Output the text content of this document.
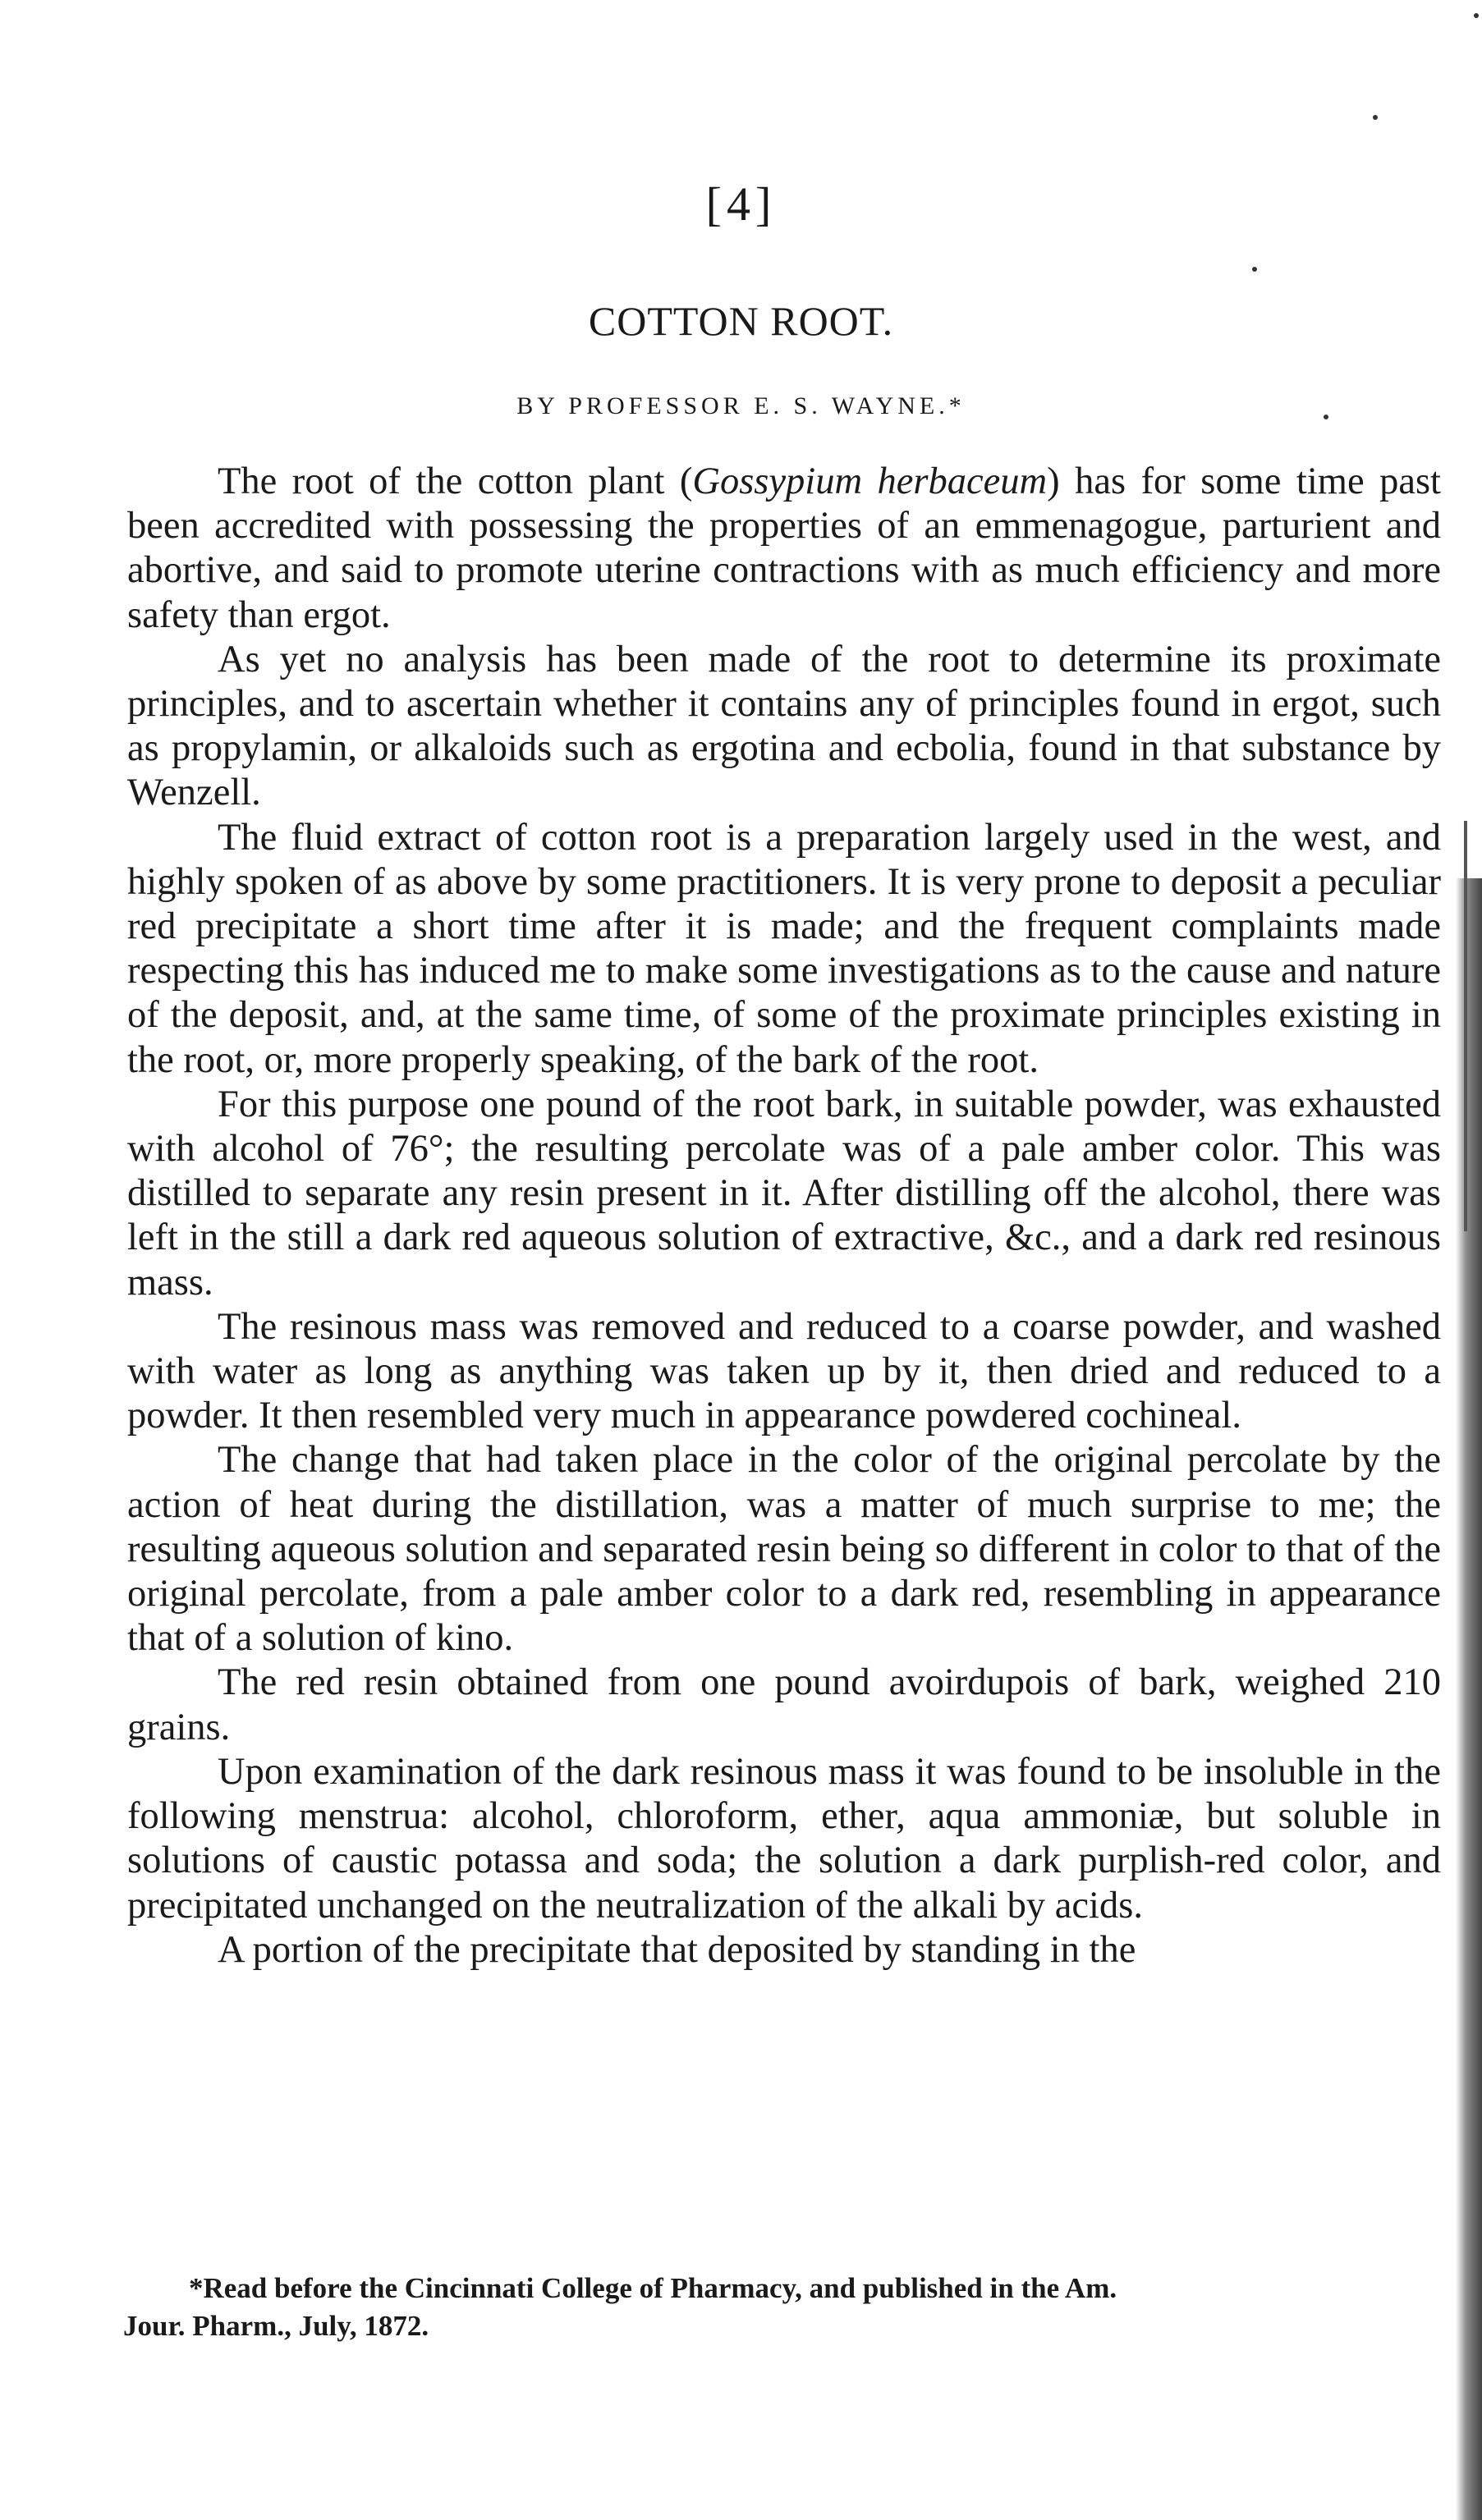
[4]
COTTON ROOT.
BY PROFESSOR E. S. WAYNE.*

The root of the cotton plant (Gossypium herbaceum) has for some time past been accredited with possessing the properties of an emmenagogue, parturient and abortive, and said to promote uterine contractions with as much efficiency and more safety than ergot.

As yet no analysis has been made of the root to determine its proximate principles, and to ascertain whether it contains any of principles found in ergot, such as propylamin, or alkaloids such as ergotina and ecbolia, found in that substance by Wenzell.

The fluid extract of cotton root is a preparation largely used in the west, and highly spoken of as above by some practitioners. It is very prone to deposit a peculiar red precipitate a short time after it is made; and the frequent complaints made respecting this has induced me to make some investigations as to the cause and nature of the deposit, and, at the same time, of some of the proximate principles existing in the root, or, more properly speaking, of the bark of the root.

For this purpose one pound of the root bark, in suitable powder, was exhausted with alcohol of 76°; the resulting percolate was of a pale amber color. This was distilled to separate any resin present in it. After distilling off the alcohol, there was left in the still a dark red aqueous solution of extractive, &c., and a dark red resinous mass.

The resinous mass was removed and reduced to a coarse powder, and washed with water as long as anything was taken up by it, then dried and reduced to a powder. It then resembled very much in appearance powdered cochineal.

The change that had taken place in the color of the original percolate by the action of heat during the distillation, was a matter of much surprise to me; the resulting aqueous solution and separated resin being so different in color to that of the original percolate, from a pale amber color to a dark red, resembling in appearance that of a solution of kino.

The red resin obtained from one pound avoirdupois of bark, weighed 210 grains.

Upon examination of the dark resinous mass it was found to be insoluble in the following menstrua: alcohol, chloroform, ether, aqua ammoniæ, but soluble in solutions of caustic potassa and soda; the solution a dark purplish-red color, and precipitated unchanged on the neutralization of the alkali by acids.

A portion of the precipitate that deposited by standing in the

*Read before the Cincinnati College of Pharmacy, and published in the Am.
Jour. Pharm., July, 1872.
